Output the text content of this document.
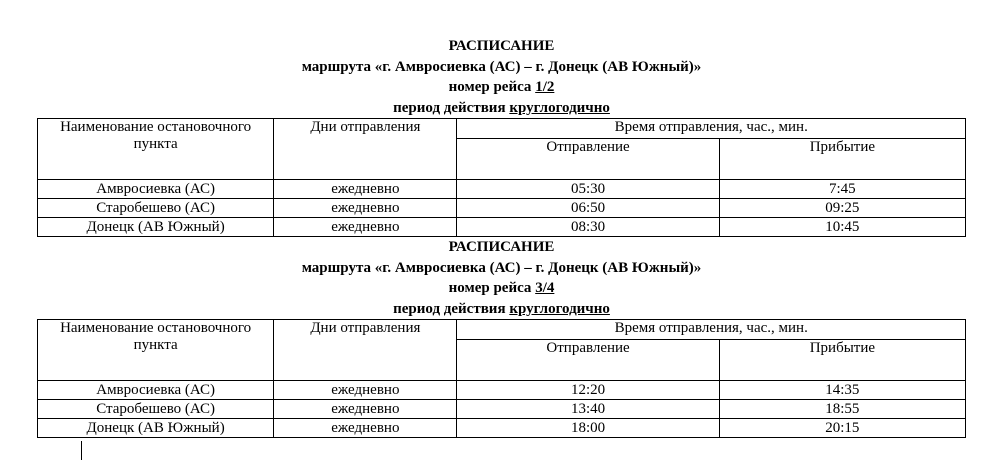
РАСПИСАНИЕ

маршрута «г. Амвросиевка (АС) – г. Донецк (АВ Южный)»

номер рейса 1/2

период действия круглогодично

Наименование остановочного пункта	Дни отправления	Время отправления, час., мин.	
		Отправление	Прибытие
Амвросиевка (АС)	ежедневно	05:30	7:45
Старобешево (АС)	ежедневно	06:50	09:25
Донецк (АВ Южный)	ежедневно	08:30	10:45

РАСПИСАНИЕ

маршрута «г. Амвросиевка (АС) – г. Донецк (АВ Южный)»

номер рейса 3/4

период действия круглогодично

Наименование остановочного пункта	Дни отправления	Время отправления, час., мин.	
		Отправление	Прибытие
Амвросиевка (АС)	ежедневно	12:20	14:35
Старобешево (АС)	ежедневно	13:40	18:55
Донецк (АВ Южный)	ежедневно	18:00	20:15
